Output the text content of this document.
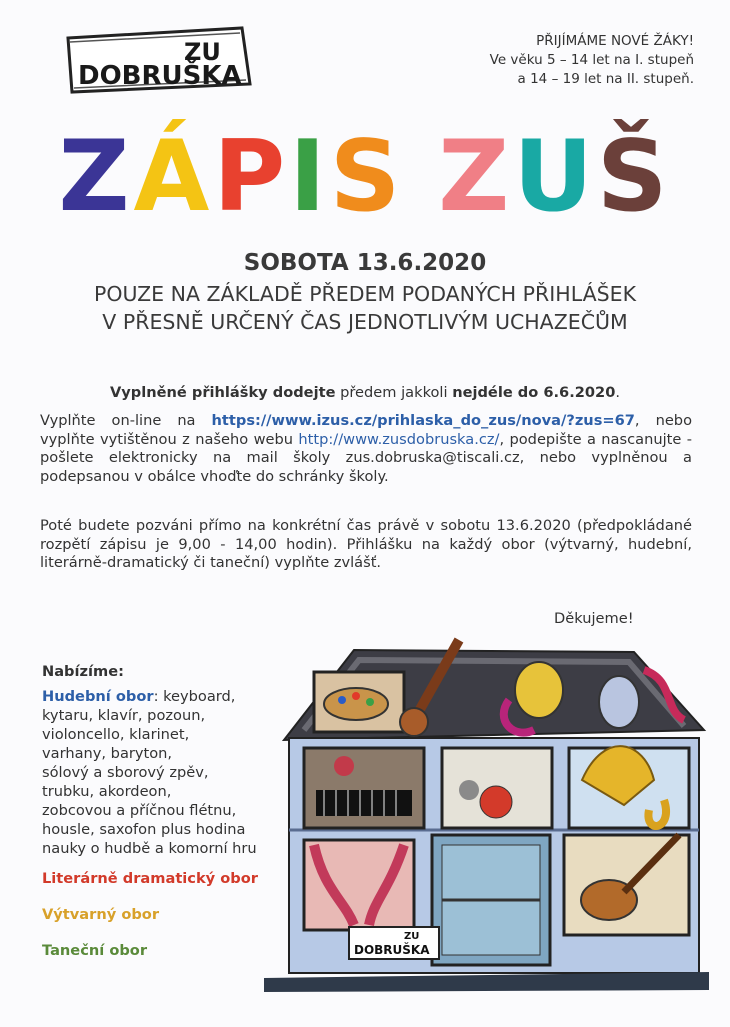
ZU
DOBRUŠKA
PŘIJÍMÁME NOVÉ ŽÁKY!
Ve věku 5 – 14 let na I. stupeň
a 14 – 19 let na II. stupeň.
ZÁPIS ZUŠ
SOBOTA 13.6.2020
POUZE NA ZÁKLADĚ PŘEDEM PODANÝCH PŘIHLÁŠEK
V PŘESNĚ URČENÝ ČAS JEDNOTLIVÝM UCHAZEČŮM
Vyplněné přihlášky dodejte předem jakkoli nejdéle do 6.6.2020.
Vyplňte on-line na https://www.izus.cz/prihlaska_do_zus/nova/?zus=67, nebo vyplňte vytištěnou z našeho webu http://www.zusdobruska.cz/, podepište a nascanujte - pošlete elektronicky na mail školy zus.dobruska@tiscali.cz, nebo vyplněnou a podepsanou v obálce vhoďte do schránky školy.
Poté budete pozváni přímo na konkrétní čas právě v sobotu 13.6.2020 (předpokládané rozpětí zápisu je 9,00 - 14,00 hodin). Přihlášku na každý obor (výtvarný, hudební, literárně-dramatický či taneční) vyplňte zvlášť.
Děkujeme!
Nabízíme:
Hudební obor: keyboard,
kytaru, klavír, pozoun,
violoncello, klarinet,
varhany, baryton,
sólový a sborový zpěv,
trubku, akordeon,
zobcovou a příčnou flétnu,
housle, saxofon plus hodina
nauky o hudbě a komorní hru
Literárně dramatický obor
Výtvarný obor
Taneční obor
ZU
DOBRUŠKA
